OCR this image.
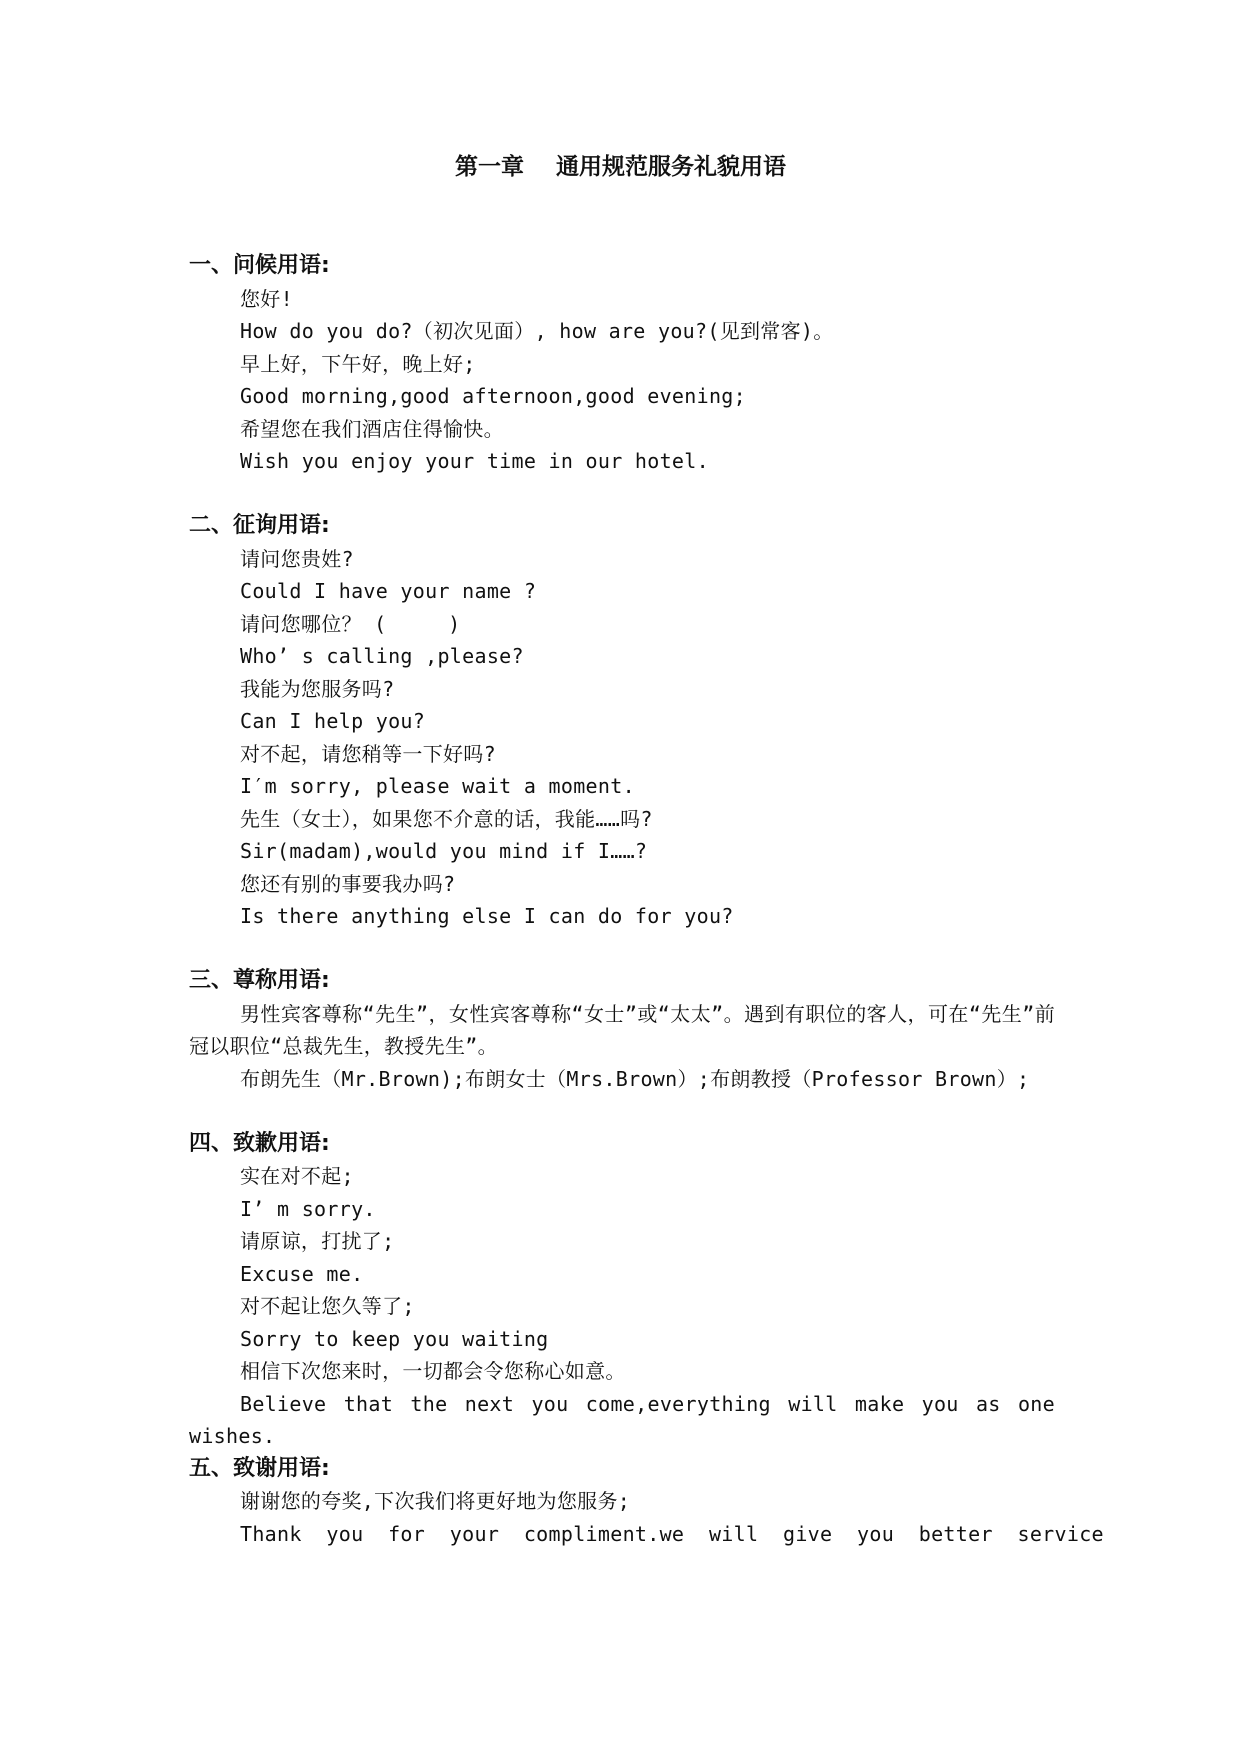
第一章    通用规范服务礼貌用语
一、问候用语:
您好!
How do you do?（初次见面）, how are you?(见到常客)。
早上好，下午好，晚上好;
Good morning,good afternoon,good evening;
希望您在我们酒店住得愉快。
Wish you enjoy your time in our hotel.
二、征询用语:
请问您贵姓?
Could I have your name ?
请问您哪位？ (     )
Who’ s calling ,please?
我能为您服务吗?
Can I help you?
对不起，请您稍等一下好吗?
I′m sorry, please wait a moment.
先生（女士），如果您不介意的话，我能……吗?
Sir(madam),would you mind if I……?
您还有别的事要我办吗?
Is there anything else I can do for you?
三、尊称用语:

男性宾客尊称“先生”，女性宾客尊称“女士”或“太太”。遇到有职位的客人，可在“先生”前冠以职位“总裁先生，教授先生”。

布朗先生（Mr.Brown);布朗女士（Mrs.Brown）;布朗教授（Professor Brown）;

四、致歉用语:
实在对不起;
I’ m sorry.
请原谅，打扰了;
Excuse me.
对不起让您久等了;
Sorry to keep you waiting
相信下次您来时，一切都会令您称心如意。

Believe that the next you come,everything will make you as one wishes.

五、致谢用语:
谢谢您的夸奖,下次我们将更好地为您服务;
Thank  you  for  your  compliment.we  will  give  you  better  service
